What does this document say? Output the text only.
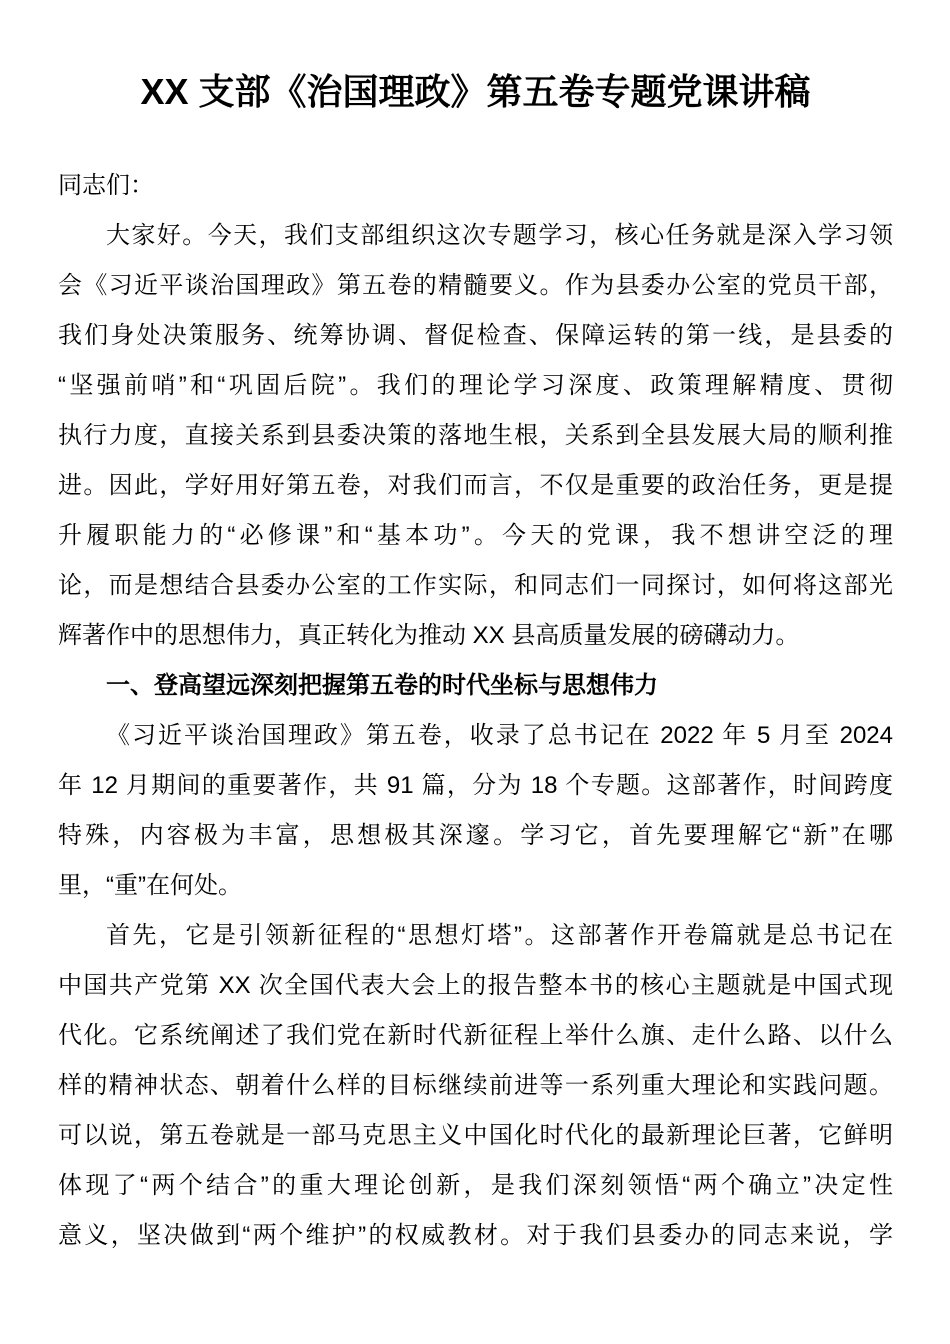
XX 支部《治国理政》第五卷专题党课讲稿
同志们：
大家好。今天，我们支部组织这次专题学习，核心任务就是深入学习领
会《习近平谈治国理政》第五卷的精髓要义。作为县委办公室的党员干部，
我们身处决策服务、统筹协调、督促检查、保障运转的第一线，是县委的
“坚强前哨”和“巩固后院”。我们的理论学习深度、政策理解精度、贯彻
执行力度，直接关系到县委决策的落地生根，关系到全县发展大局的顺利推
进。因此，学好用好第五卷，对我们而言，不仅是重要的政治任务，更是提
升履职能力的“必修课”和“基本功”。今天的党课，我不想讲空泛的理
论，而是想结合县委办公室的工作实际，和同志们一同探讨，如何将这部光
辉著作中的思想伟力，真正转化为推动 XX 县高质量发展的磅礴动力。
一、登高望远深刻把握第五卷的时代坐标与思想伟力
《习近平谈治国理政》第五卷，收录了总书记在 2022 年 5 月至 2024
年 12 月期间的重要著作，共 91 篇，分为 18 个专题。这部著作，时间跨度
特殊，内容极为丰富，思想极其深邃。学习它，首先要理解它“新”在哪
里，“重”在何处。
首先，它是引领新征程的“思想灯塔”。这部著作开卷篇就是总书记在
中国共产党第 XX 次全国代表大会上的报告整本书的核心主题就是中国式现
代化。它系统阐述了我们党在新时代新征程上举什么旗、走什么路、以什么
样的精神状态、朝着什么样的目标继续前进等一系列重大理论和实践问题。
可以说，第五卷就是一部马克思主义中国化时代化的最新理论巨著，它鲜明
体现了“两个结合”的重大理论创新，是我们深刻领悟“两个确立”决定性
意义，坚决做到“两个维护”的权威教材。对于我们县委办的同志来说，学
